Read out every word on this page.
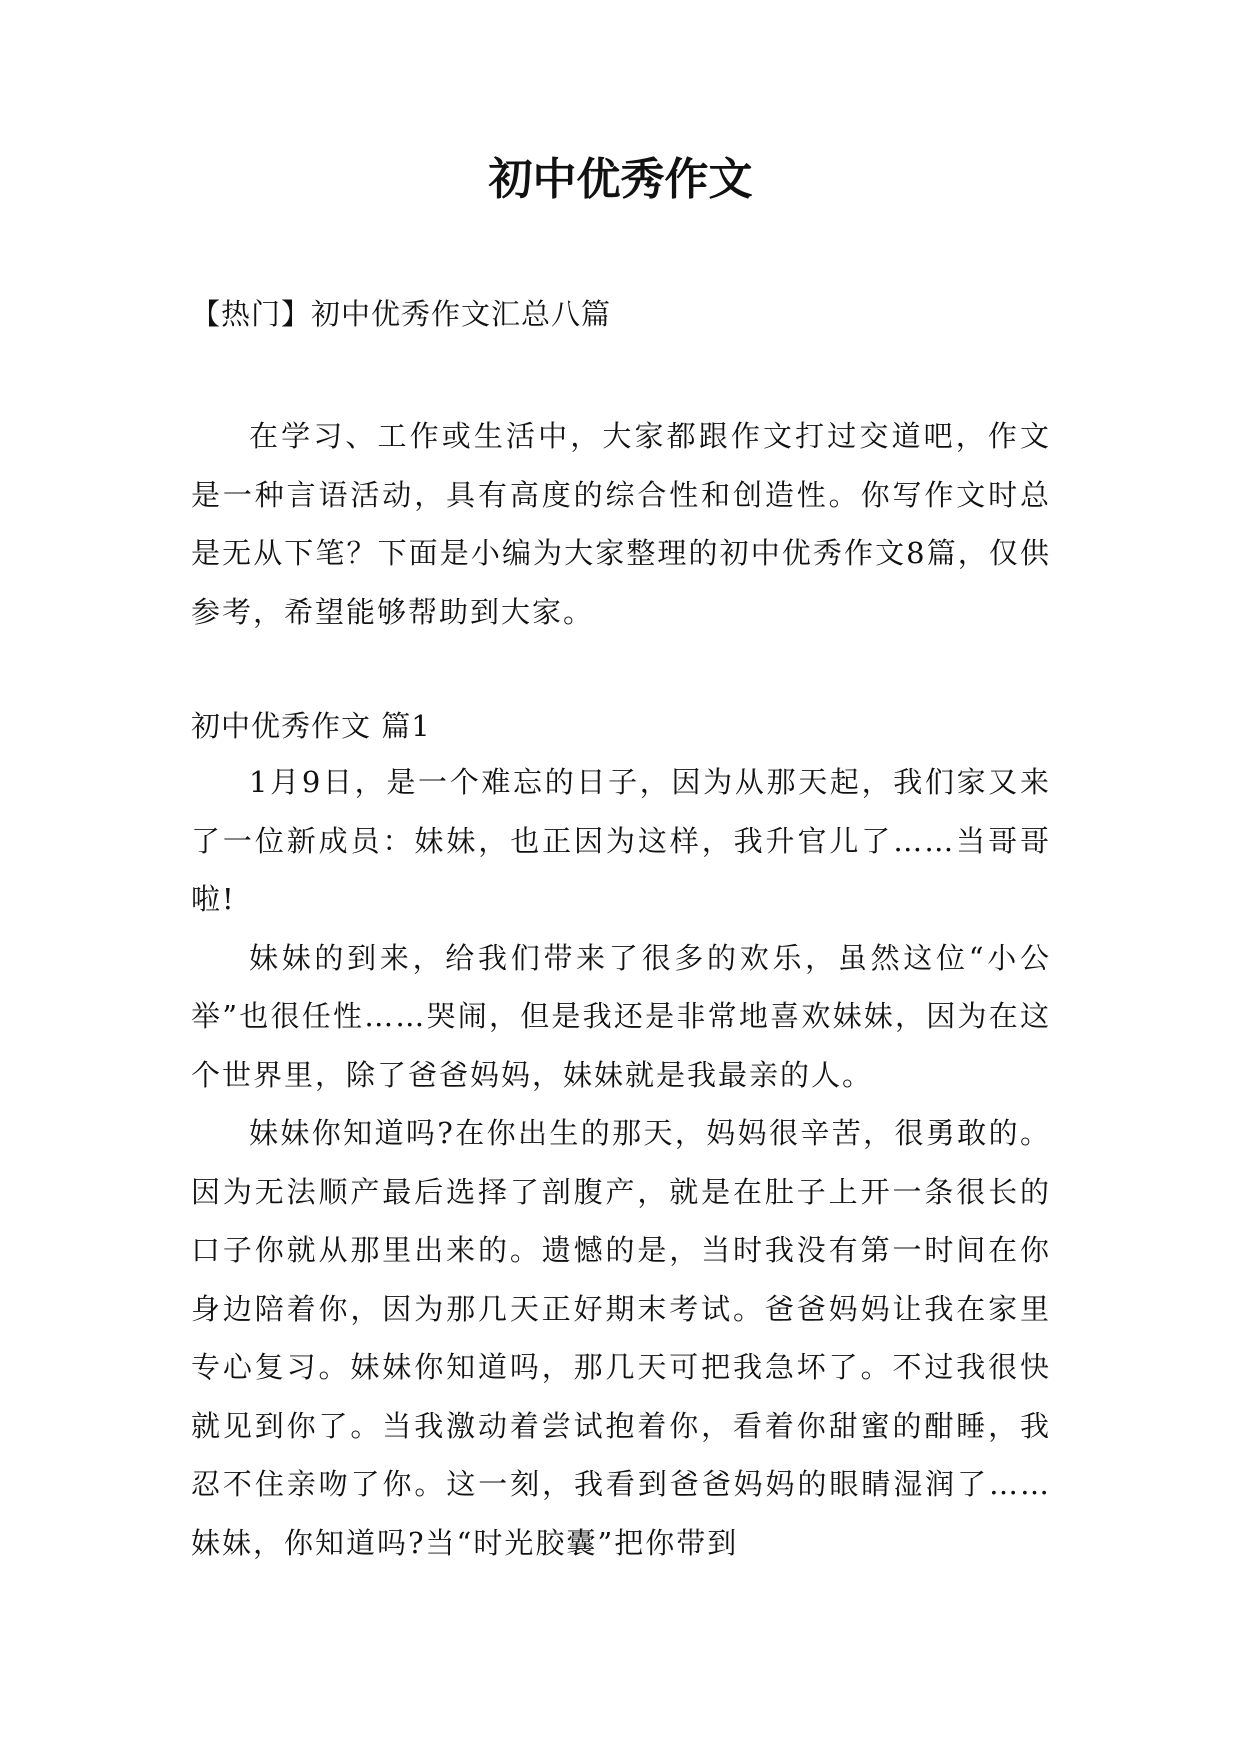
初中优秀作文
【热门】初中优秀作文汇总八篇

在学习、工作或生活中，大家都跟作文打过交道吧，作文是一种言语活动，具有高度的综合性和创造性。你写作文时总是无从下笔？下面是小编为大家整理的初中优秀作文8篇，仅供参考，希望能够帮助到大家。

初中优秀作文 篇1

1月9日，是一个难忘的日子，因为从那天起，我们家又来了一位新成员：妹妹，也正因为这样，我升官儿了……当哥哥啦!

妹妹的到来，给我们带来了很多的欢乐，虽然这位“小公举”也很任性……哭闹，但是我还是非常地喜欢妹妹，因为在这个世界里，除了爸爸妈妈，妹妹就是我最亲的人。

妹妹你知道吗?在你出生的那天，妈妈很辛苦，很勇敢的。因为无法顺产最后选择了剖腹产，就是在肚子上开一条很长的口子你就从那里出来的。遗憾的是，当时我没有第一时间在你身边陪着你，因为那几天正好期末考试。爸爸妈妈让我在家里专心复习。妹妹你知道吗，那几天可把我急坏了。不过我很快就见到你了。当我激动着尝试抱着你，看着你甜蜜的酣睡，我忍不住亲吻了你。这一刻，我看到爸爸妈妈的眼睛湿润了……妹妹，你知道吗?当“时光胶囊”把你带到
